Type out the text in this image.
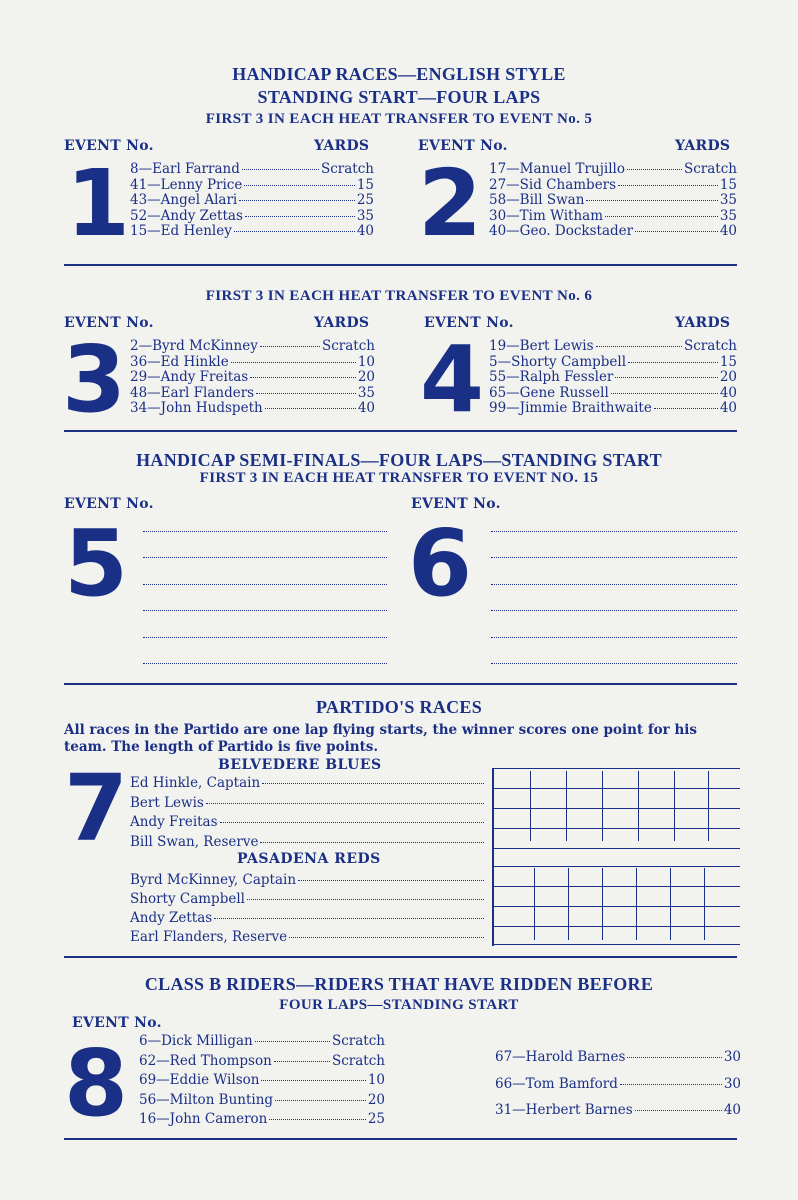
HANDICAP RACES—ENGLISH STYLE
STANDING START—FOUR LAPS
FIRST 3 IN EACH HEAT TRANSFER TO EVENT No. 5
EVENT No.	YARDS
1 8—Earl Farrand	Scratch
41—Lenny Price	15
43—Angel Alari	25
52—Andy Zettas	35
15—Ed Henley	40
EVENT No.	YARDS
2 17—Manuel Trujillo	Scratch
27—Sid Chambers	15
58—Bill Swan	35
30—Tim Witham	35
40—Geo. Dockstader	40
FIRST 3 IN EACH HEAT TRANSFER TO EVENT No. 6
EVENT No.	YARDS
3 2—Byrd McKinney	Scratch
36—Ed Hinkle	10
29—Andy Freitas	20
48—Earl Flanders	35
34—John Hudspeth	40
EVENT No.	YARDS
4 19—Bert Lewis	Scratch
5—Shorty Campbell	15
55—Ralph Fessler	20
65—Gene Russell	40
99—Jimmie Braithwaite	40
HANDICAP SEMI-FINALS—FOUR LAPS—STANDING START
FIRST 3 IN EACH HEAT TRANSFER TO EVENT NO. 15
EVENT No.
5
EVENT No.
6
PARTIDO'S RACES
All races in the Partido are one lap flying starts, the winner scores one point for his team. The length of Partido is five points.
7	BELVEDERE BLUES
Ed Hinkle, Captain
Bert Lewis
Andy Freitas
Bill Swan, Reserve
PASADENA REDS
Byrd McKinney, Captain
Shorty Campbell
Andy Zettas
Earl Flanders, Reserve
CLASS B RIDERS—RIDERS THAT HAVE RIDDEN BEFORE
FOUR LAPS—STANDING START
EVENT No.
8 6—Dick Milligan	Scratch
62—Red Thompson	Scratch
69—Eddie Wilson	10
56—Milton Bunting	20
16—John Cameron	25
67—Harold Barnes	30
66—Tom Bamford	30
31—Herbert Barnes	40
